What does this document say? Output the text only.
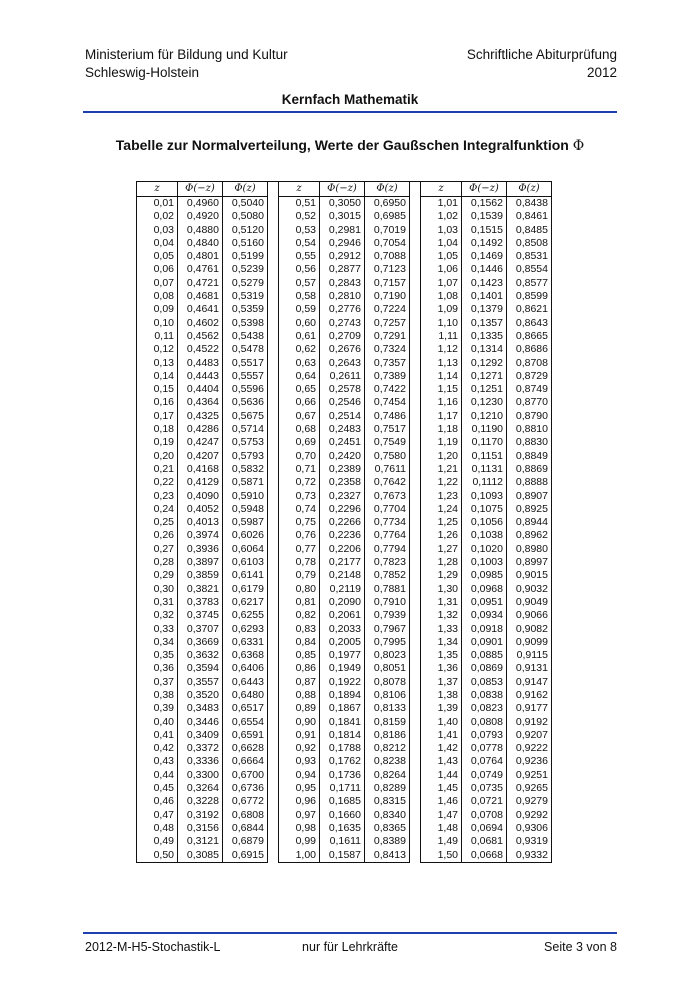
Ministerium für Bildung und Kultur
Schleswig-Holstein
Schriftliche Abiturprüfung
2012
Kernfach Mathematik
Tabelle zur Normalverteilung, Werte der Gaußschen Integralfunktion Φ
z	Φ(−z)	Φ(z)		z	Φ(−z)	Φ(z)		z	Φ(−z)	Φ(z)
0,01	0,4960	0,5040		0,51	0,3050	0,6950		1,01	0,1562	0,8438
0,02	0,4920	0,5080		0,52	0,3015	0,6985		1,02	0,1539	0,8461
0,03	0,4880	0,5120		0,53	0,2981	0,7019		1,03	0,1515	0,8485
0,04	0,4840	0,5160		0,54	0,2946	0,7054		1,04	0,1492	0,8508
0,05	0,4801	0,5199		0,55	0,2912	0,7088		1,05	0,1469	0,8531
0,06	0,4761	0,5239		0,56	0,2877	0,7123		1,06	0,1446	0,8554
0,07	0,4721	0,5279		0,57	0,2843	0,7157		1,07	0,1423	0,8577
0,08	0,4681	0,5319		0,58	0,2810	0,7190		1,08	0,1401	0,8599
0,09	0,4641	0,5359		0,59	0,2776	0,7224		1,09	0,1379	0,8621
0,10	0,4602	0,5398		0,60	0,2743	0,7257		1,10	0,1357	0,8643
0,11	0,4562	0,5438		0,61	0,2709	0,7291		1,11	0,1335	0,8665
0,12	0,4522	0,5478		0,62	0,2676	0,7324		1,12	0,1314	0,8686
0,13	0,4483	0,5517		0,63	0,2643	0,7357		1,13	0,1292	0,8708
0,14	0,4443	0,5557		0,64	0,2611	0,7389		1,14	0,1271	0,8729
0,15	0,4404	0,5596		0,65	0,2578	0,7422		1,15	0,1251	0,8749
0,16	0,4364	0,5636		0,66	0,2546	0,7454		1,16	0,1230	0,8770
0,17	0,4325	0,5675		0,67	0,2514	0,7486		1,17	0,1210	0,8790
0,18	0,4286	0,5714		0,68	0,2483	0,7517		1,18	0,1190	0,8810
0,19	0,4247	0,5753		0,69	0,2451	0,7549		1,19	0,1170	0,8830
0,20	0,4207	0,5793		0,70	0,2420	0,7580		1,20	0,1151	0,8849
0,21	0,4168	0,5832		0,71	0,2389	0,7611		1,21	0,1131	0,8869
0,22	0,4129	0,5871		0,72	0,2358	0,7642		1,22	0,1112	0,8888
0,23	0,4090	0,5910		0,73	0,2327	0,7673		1,23	0,1093	0,8907
0,24	0,4052	0,5948		0,74	0,2296	0,7704		1,24	0,1075	0,8925
0,25	0,4013	0,5987		0,75	0,2266	0,7734		1,25	0,1056	0,8944
0,26	0,3974	0,6026		0,76	0,2236	0,7764		1,26	0,1038	0,8962
0,27	0,3936	0,6064		0,77	0,2206	0,7794		1,27	0,1020	0,8980
0,28	0,3897	0,6103		0,78	0,2177	0,7823		1,28	0,1003	0,8997
0,29	0,3859	0,6141		0,79	0,2148	0,7852		1,29	0,0985	0,9015
0,30	0,3821	0,6179		0,80	0,2119	0,7881		1,30	0,0968	0,9032
0,31	0,3783	0,6217		0,81	0,2090	0,7910		1,31	0,0951	0,9049
0,32	0,3745	0,6255		0,82	0,2061	0,7939		1,32	0,0934	0,9066
0,33	0,3707	0,6293		0,83	0,2033	0,7967		1,33	0,0918	0,9082
0,34	0,3669	0,6331		0,84	0,2005	0,7995		1,34	0,0901	0,9099
0,35	0,3632	0,6368		0,85	0,1977	0,8023		1,35	0,0885	0,9115
0,36	0,3594	0,6406		0,86	0,1949	0,8051		1,36	0,0869	0,9131
0,37	0,3557	0,6443		0,87	0,1922	0,8078		1,37	0,0853	0,9147
0,38	0,3520	0,6480		0,88	0,1894	0,8106		1,38	0,0838	0,9162
0,39	0,3483	0,6517		0,89	0,1867	0,8133		1,39	0,0823	0,9177
0,40	0,3446	0,6554		0,90	0,1841	0,8159		1,40	0,0808	0,9192
0,41	0,3409	0,6591		0,91	0,1814	0,8186		1,41	0,0793	0,9207
0,42	0,3372	0,6628		0,92	0,1788	0,8212		1,42	0,0778	0,9222
0,43	0,3336	0,6664		0,93	0,1762	0,8238		1,43	0,0764	0,9236
0,44	0,3300	0,6700		0,94	0,1736	0,8264		1,44	0,0749	0,9251
0,45	0,3264	0,6736		0,95	0,1711	0,8289		1,45	0,0735	0,9265
0,46	0,3228	0,6772		0,96	0,1685	0,8315		1,46	0,0721	0,9279
0,47	0,3192	0,6808		0,97	0,1660	0,8340		1,47	0,0708	0,9292
0,48	0,3156	0,6844		0,98	0,1635	0,8365		1,48	0,0694	0,9306
0,49	0,3121	0,6879		0,99	0,1611	0,8389		1,49	0,0681	0,9319
0,50	0,3085	0,6915		1,00	0,1587	0,8413		1,50	0,0668	0,9332
2012-M-H5-Stochastik-L	nur für Lehrkräfte	Seite 3 von 8
